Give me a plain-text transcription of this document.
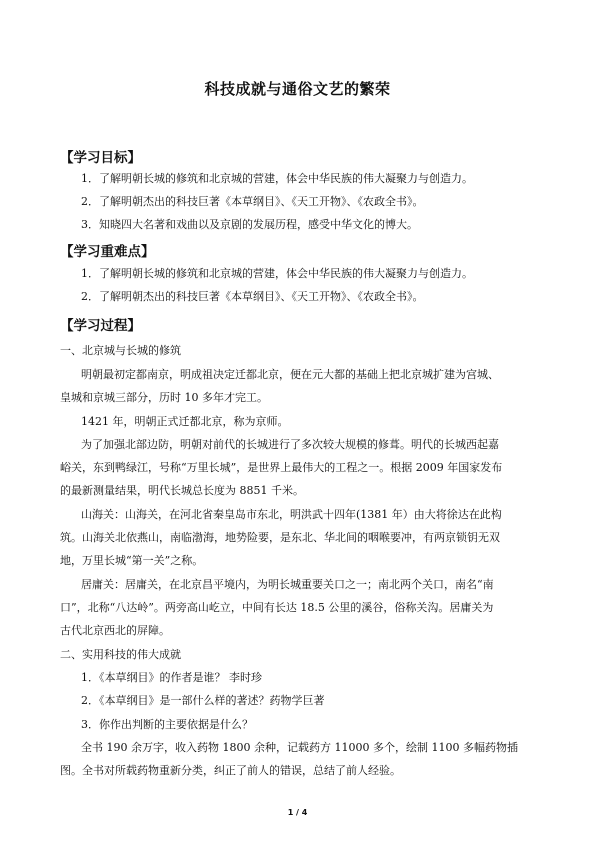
科技成就与通俗文艺的繁荣
【学习目标】
1．了解明朝长城的修筑和北京城的营建，体会中华民族的伟大凝聚力与创造力。
2．了解明朝杰出的科技巨著《本草纲目》、《天工开物》、《农政全书》。
3．知晓四大名著和戏曲以及京剧的发展历程，感受中华文化的博大。
【学习重难点】
1．了解明朝长城的修筑和北京城的营建，体会中华民族的伟大凝聚力与创造力。
2．了解明朝杰出的科技巨著《本草纲目》、《天工开物》、《农政全书》。
【学习过程】
一、北京城与长城的修筑
明朝最初定都南京，明成祖决定迁都北京，便在元大都的基础上把北京城扩建为宫城、
皇城和京城三部分，历时 10 多年才完工。
1421 年，明朝正式迁都北京，称为京师。
为了加强北部边防，明朝对前代的长城进行了多次较大规模的修葺。明代的长城西起嘉
峪关，东到鸭绿江，号称“万里长城”，是世界上最伟大的工程之一。根据 2009 年国家发布
的最新测量结果，明代长城总长度为 8851 千米。
山海关：山海关，在河北省秦皇岛市东北，明洪武十四年(1381 年）由大将徐达在此构
筑。山海关北依燕山，南临渤海，地势险要，是东北、华北间的咽喉要冲，有两京锁钥无双
地，万里长城“第一关”之称。
居庸关：居庸关，在北京昌平境内，为明长城重要关口之一；南北两个关口，南名“南
口”，北称“八达岭”。两旁高山屹立，中间有长达 18.5 公里的溪谷，俗称关沟。居庸关为
古代北京西北的屏障。
二、实用科技的伟大成就
1．《本草纲目》的作者是谁？ 李时珍
2．《本草纲目》是一部什么样的著述？药物学巨著
3．你作出判断的主要依据是什么？
全书 190 余万字，收入药物 1800 余种，记载药方 11000 多个，绘制 1100 多幅药物插
图。全书对所载药物重新分类，纠正了前人的错误，总结了前人经验。
1 / 4
